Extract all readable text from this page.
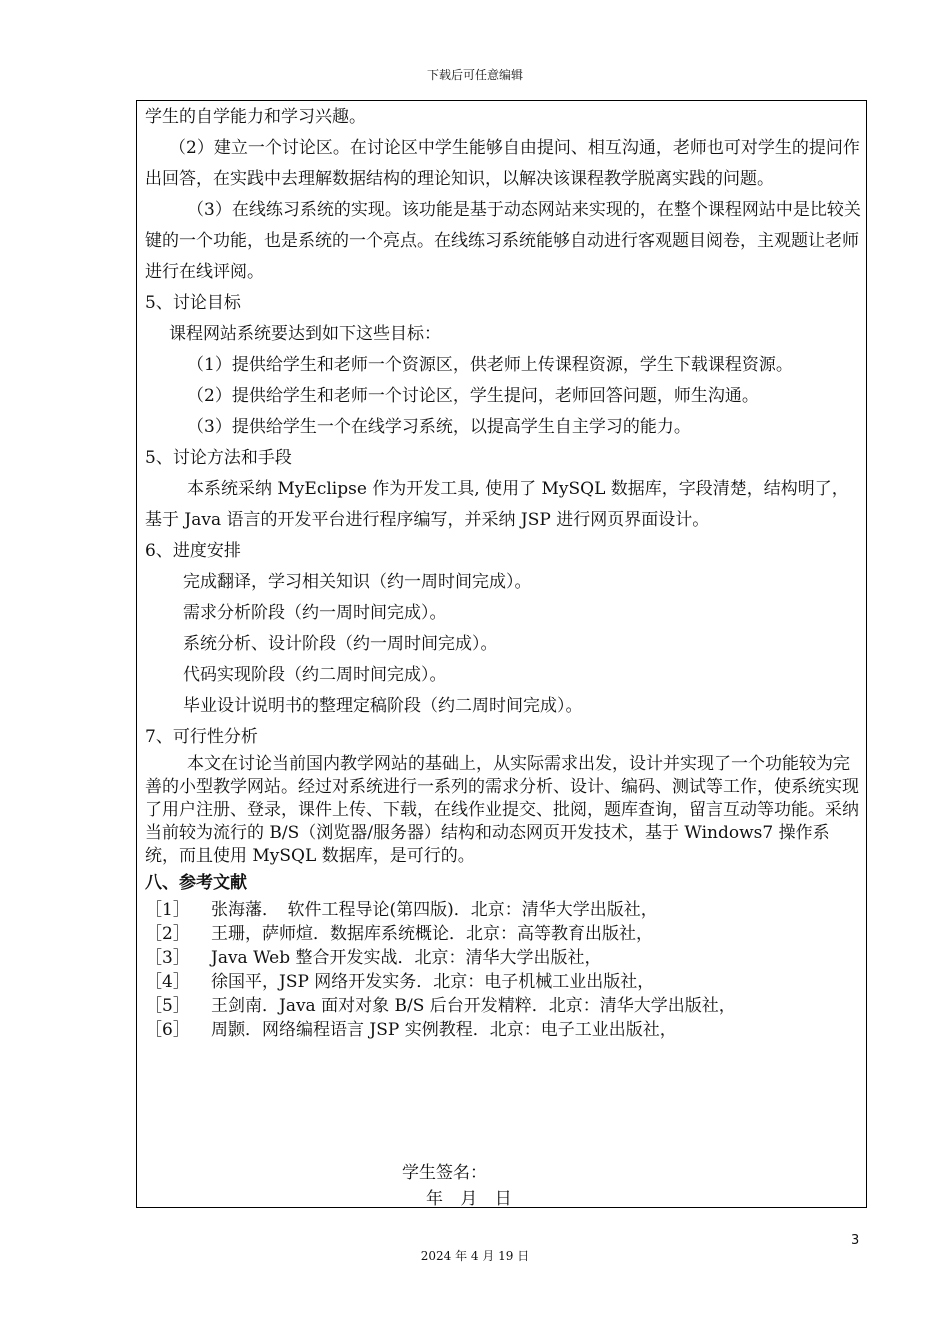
下载后可任意编辑

学生的自学能力和学习兴趣。

（2）建立一个讨论区。在讨论区中学生能够自由提问、相互沟通，老师也可对学生的提问作出回答，在实践中去理解数据结构的理论知识，以解决该课程教学脱离实践的问题。

（3）在线练习系统的实现。该功能是基于动态网站来实现的，在整个课程网站中是比较关键的一个功能，也是系统的一个亮点。在线练习系统能够自动进行客观题目阅卷，主观题让老师进行在线评阅。

5、讨论目标

课程网站系统要达到如下这些目标：

（1）提供给学生和老师一个资源区，供老师上传课程资源，学生下载课程资源。

（2）提供给学生和老师一个讨论区，学生提问，老师回答问题，师生沟通。

（3）提供给学生一个在线学习系统，以提高学生自主学习的能力。

5、讨论方法和手段

本系统采纳 MyEclipse 作为开发工具, 使用了 MySQL 数据库，字段清楚，结构明了，基于 Java 语言的开发平台进行程序编写，并采纳 JSP 进行网页界面设计。

6、进度安排

完成翻译，学习相关知识（约一周时间完成）。

需求分析阶段（约一周时间完成）。

系统分析、设计阶段（约一周时间完成）。

代码实现阶段（约二周时间完成）。

毕业设计说明书的整理定稿阶段（约二周时间完成）。

7、可行性分析

本文在讨论当前国内教学网站的基础上，从实际需求出发，设计并实现了一个功能较为完善的小型教学网站。经过对系统进行一系列的需求分析、设计、编码、测试等工作，使系统实现了用户注册、登录，课件上传、下载，在线作业提交、批阅，题库查询，留言互动等功能。采纳当前较为流行的 B/S（浏览器/服务器）结构和动态网页开发技术，基于 Windows7 操作系统，而且使用 MySQL 数据库，是可行的。

八、参考文献

［1］	张海藩．　软件工程导论(第四版)．北京：清华大学出版社，
［2］	王珊，萨师煊．数据库系统概论．北京：高等教育出版社，
［3］	Java Web 整合开发实战．北京：清华大学出版社，
［4］	徐国平，JSP 网络开发实务．北京：电子机械工业出版社，
［5］	王剑南．Java 面对对象 B/S 后台开发精粹．北京：清华大学出版社，
［6］	周颢．网络编程语言 JSP 实例教程．北京：电子工业出版社，
学生签名：
年 月 日
3
2024 年 4 月 19 日
